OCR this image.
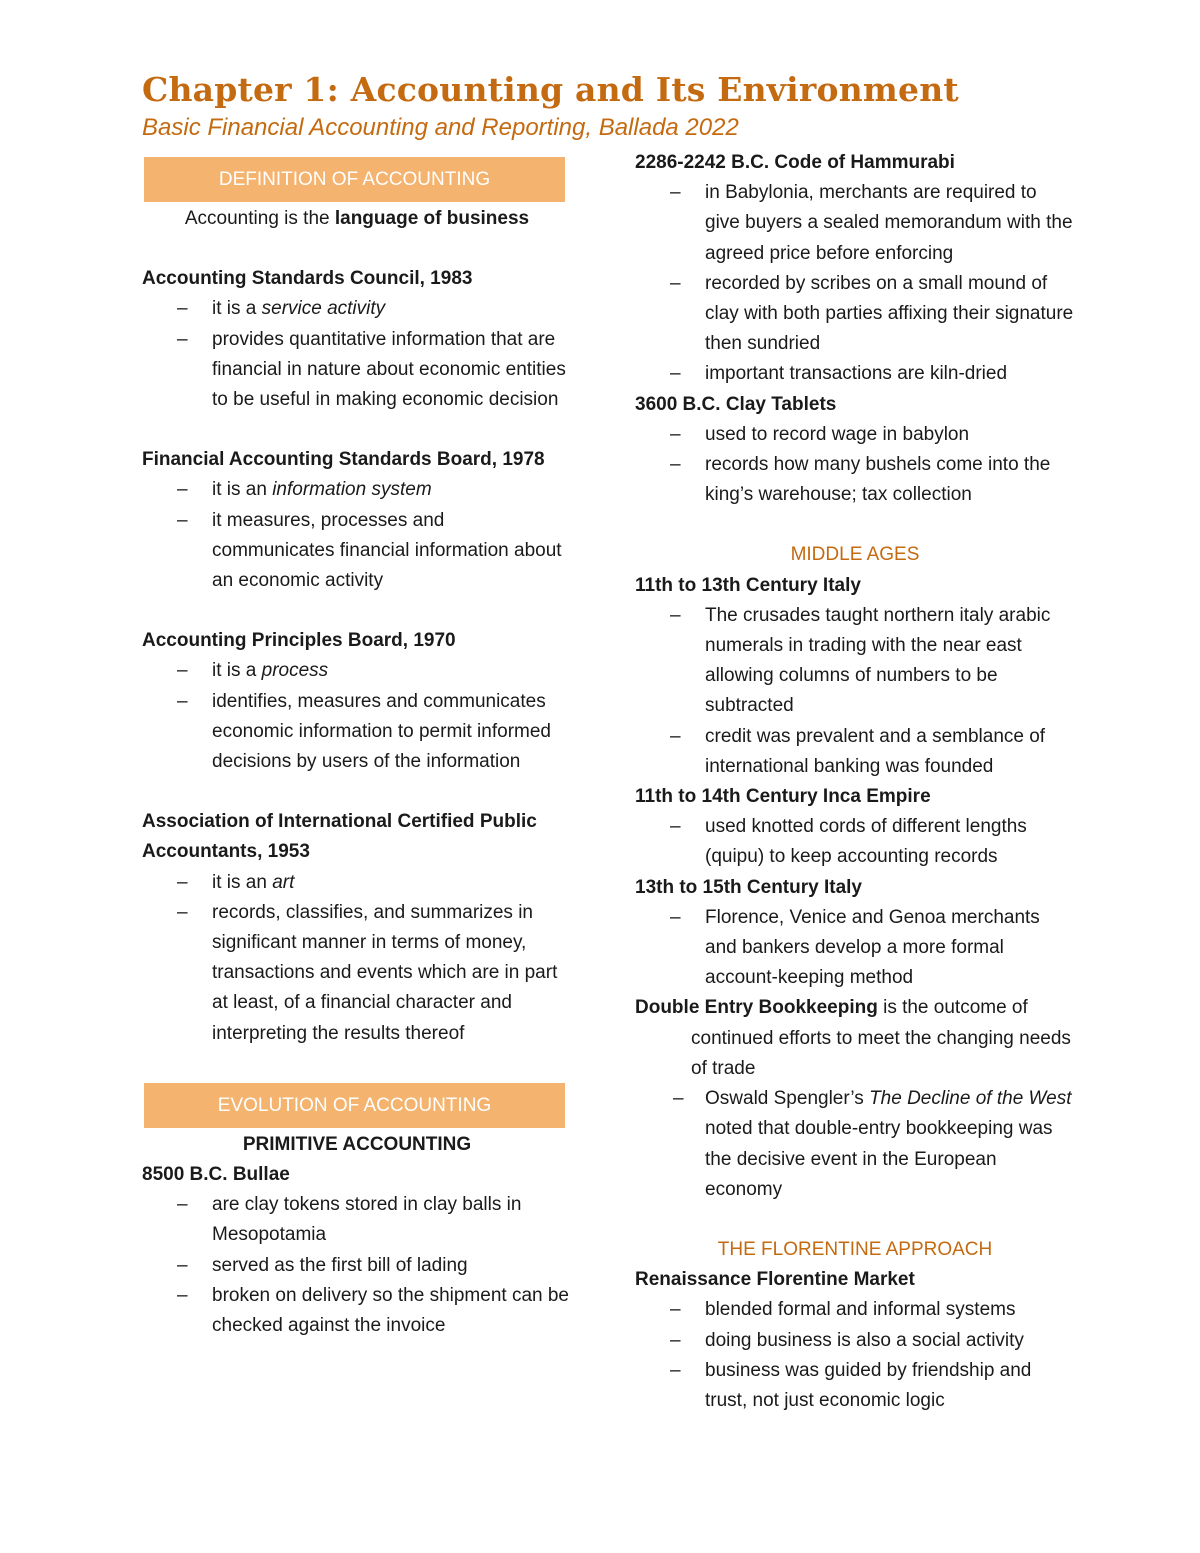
Chapter 1: Accounting and Its Environment
Basic Financial Accounting and Reporting, Ballada 2022
DEFINITION OF ACCOUNTING
Accounting is the language of business
Accounting Standards Council, 1983
– it is a service activity
– provides quantitative information that are financial in nature about economic entities to be useful in making economic decision
Financial Accounting Standards Board, 1978
– it is an information system
– it measures, processes and communicates financial information about an economic activity
Accounting Principles Board, 1970
– it is a process
– identifies, measures and communicates economic information to permit informed decisions by users of the information
Association of International Certified Public Accountants, 1953
– it is an art
– records, classifies, and summarizes in significant manner in terms of money, transactions and events which are in part at least, of a financial character and interpreting the results thereof
EVOLUTION OF ACCOUNTING
PRIMITIVE ACCOUNTING
8500 B.C. Bullae
– are clay tokens stored in clay balls in Mesopotamia
– served as the first bill of lading
– broken on delivery so the shipment can be checked against the invoice
2286-2242 B.C. Code of Hammurabi
– in Babylonia, merchants are required to give buyers a sealed memorandum with the agreed price before enforcing
– recorded by scribes on a small mound of clay with both parties affixing their signature then sundried
– important transactions are kiln-dried
3600 B.C. Clay Tablets
– used to record wage in babylon
– records how many bushels come into the king’s warehouse; tax collection
MIDDLE AGES
11th to 13th Century Italy
– The crusades taught northern italy arabic numerals in trading with the near east allowing columns of numbers to be subtracted
– credit was prevalent and a semblance of international banking was founded
11th to 14th Century Inca Empire
– used knotted cords of different lengths (quipu) to keep accounting records
13th to 15th Century Italy
– Florence, Venice and Genoa merchants and bankers develop a more formal account-keeping method
Double Entry Bookkeeping is the outcome of continued efforts to meet the changing needs of trade
– Oswald Spengler’s The Decline of the West noted that double-entry bookkeeping was the decisive event in the European economy
THE FLORENTINE APPROACH
Renaissance Florentine Market
– blended formal and informal systems
– doing business is also a social activity
– business was guided by friendship and trust, not just economic logic
